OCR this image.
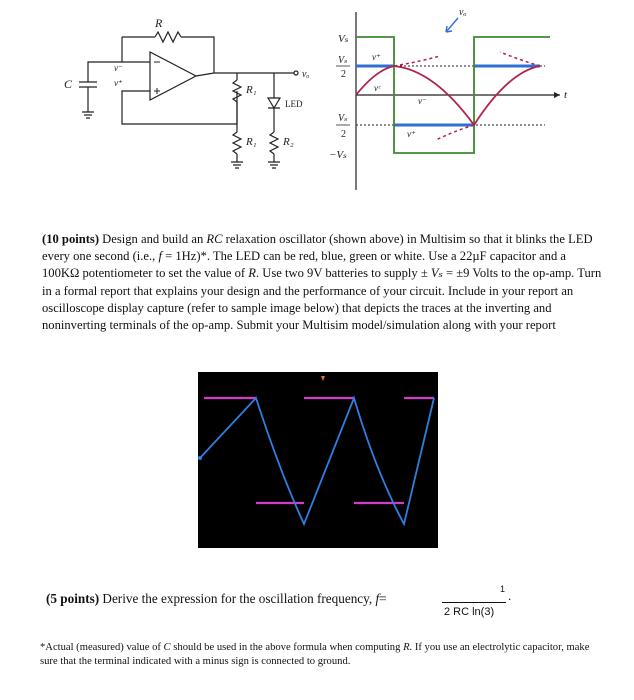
R
C
v⁻
v⁺
R₁
R₁ R₂
LED
vₒ
Vₛ
Vₛ
2
Vₛ
2
−Vₛ
v⁺
vᶜ
v⁻
v⁺
vₒ
t
(10 points) Design and build an RC relaxation oscillator (shown above) in Multisim so that it blinks the LED every one second (i.e., f = 1Hz)*. The LED can be red, blue, green or white. Use a 22µF capacitor and a 100KΩ potentiometer to set the value of R. Use two 9V batteries to supply ± Vₛ = ±9 Volts to the op-amp. Turn in a formal report that explains your design and the performance of your circuit. Include in your report an oscilloscope display capture (refer to sample image below) that depicts the traces at the inverting and noninverting terminals of the op-amp. Submit your Multisim model/simulation along with your report
(5 points) Derive the expression for the oscillation frequency, f=
1 .
2 RC ln(3)
*Actual (measured) value of C should be used in the above formula when computing R. If you use an electrolytic capacitor, make sure that the terminal indicated with a minus sign is connected to ground.
